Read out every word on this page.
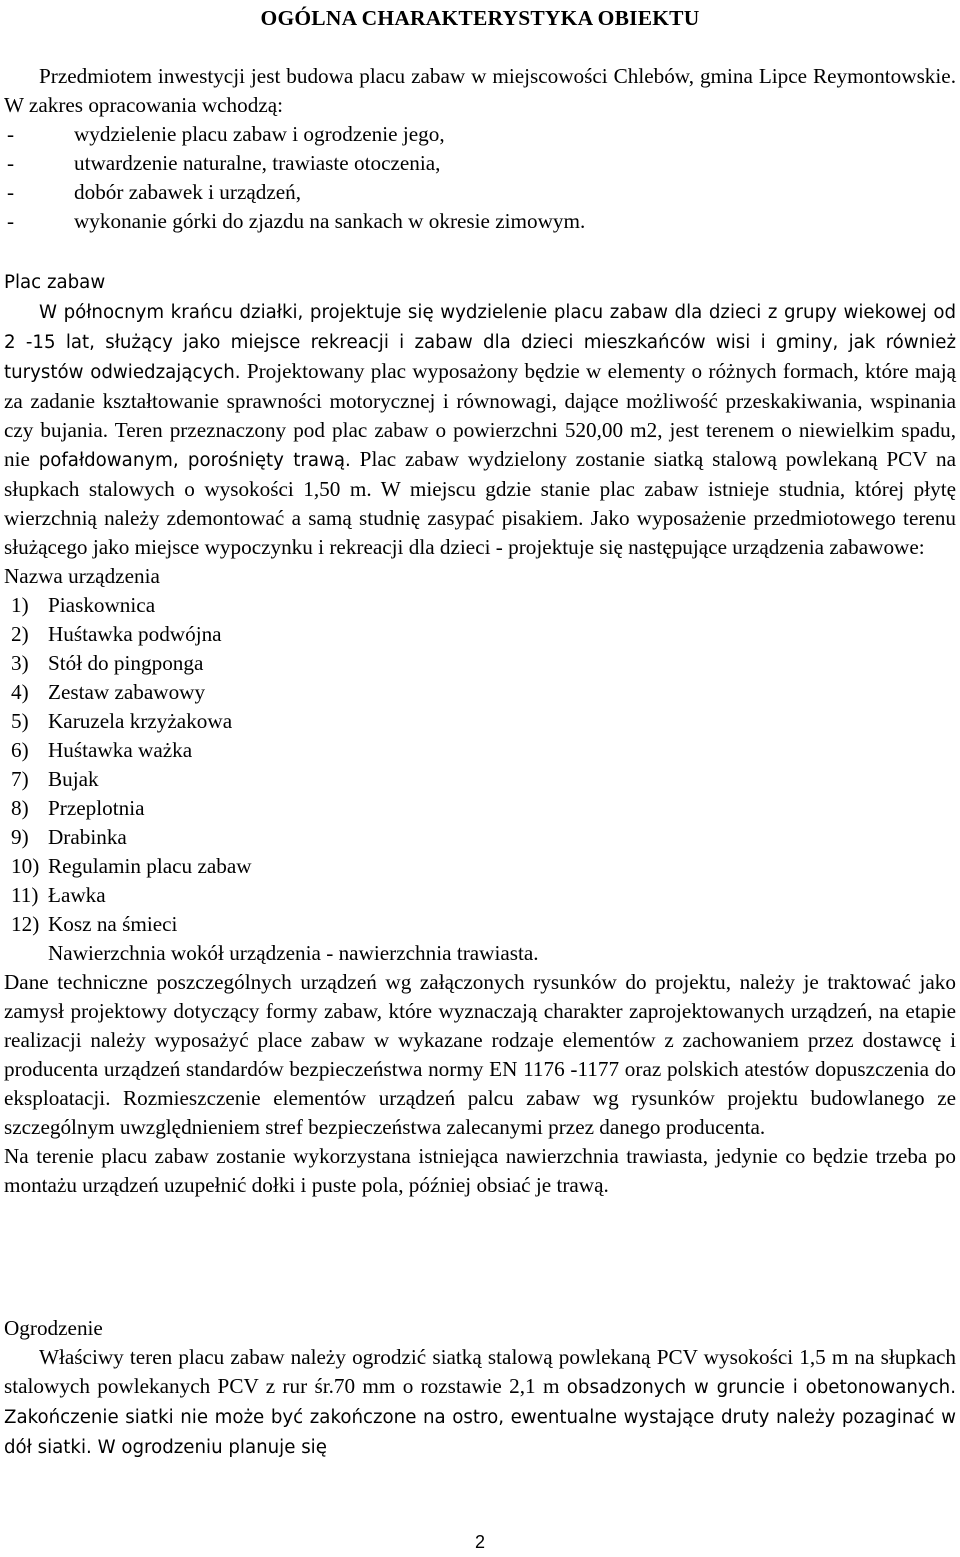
OGÓLNA CHARAKTERYSTYKA OBIEKTU

Przedmiotem inwestycji jest budowa placu zabaw w miejscowości Chlebów, gmina Lipce Reymontowskie. W zakres opracowania wchodzą:

-	wydzielenie placu zabaw i ogrodzenie jego,
-	utwardzenie naturalne, trawiaste otoczenia,
-	dobór zabawek i urządzeń,
-	wykonanie górki do zjazdu na sankach w okresie zimowym.
Plac zabaw

W północnym krańcu działki, projektuje się wydzielenie placu zabaw dla dzieci z grupy wiekowej od 2 -15 lat, służący jako miejsce rekreacji i zabaw dla dzieci mieszkańców wisi i gminy, jak również turystów odwiedzających. Projektowany plac wyposażony będzie w elementy o różnych formach, które mają za zadanie kształtowanie sprawności motorycznej i równowagi, dające możliwość przeskakiwania, wspinania czy bujania. Teren przeznaczony pod plac zabaw o powierzchni 520,00 m2, jest terenem o niewielkim spadu, nie pofałdowanym, porośnięty trawą. Plac zabaw wydzielony zostanie siatką stalową powlekaną PCV na słupkach stalowych o wysokości 1,50 m. W miejscu gdzie stanie plac zabaw istnieje studnia, której płytę wierzchnią należy zdemontować a samą studnię zasypać pisakiem. Jako wyposażenie przedmiotowego terenu służącego jako miejsce wypoczynku i rekreacji dla dzieci - projektuje się następujące urządzenia zabawowe:

Nazwa urządzenia
1) Piaskownica
2) Huśtawka podwójna
3) Stół do pingponga
4) Zestaw zabawowy
5) Karuzela krzyżakowa
6) Huśtawka ważka
7) Bujak
8) Przeplotnia
9) Drabinka
10) Regulamin placu zabaw
11) Ławka
12) Kosz na śmieci
Nawierzchnia wokół urządzenia - nawierzchnia trawiasta.

Dane techniczne poszczególnych urządzeń wg załączonych rysunków do projektu, należy je traktować jako zamysł projektowy dotyczący formy zabaw, które wyznaczają charakter zaprojektowanych urządzeń, na etapie realizacji należy wyposażyć place zabaw w wykazane rodzaje elementów z zachowaniem przez dostawcę i producenta urządzeń standardów bezpieczeństwa normy EN 1176 -1177 oraz polskich atestów dopuszczenia do eksploatacji. Rozmieszczenie elementów urządzeń palcu zabaw wg rysunków projektu budowlanego ze szczególnym uwzględnieniem stref bezpieczeństwa zalecanymi przez danego producenta.

Na terenie placu zabaw zostanie wykorzystana istniejąca nawierzchnia trawiasta, jedynie co będzie trzeba po montażu urządzeń uzupełnić dołki i puste pola, później obsiać je trawą.

Ogrodzenie

Właściwy teren placu zabaw należy ogrodzić siatką stalową powlekaną PCV wysokości 1,5 m na słupkach stalowych powlekanych PCV z rur śr.70 mm o rozstawie 2,1 m obsadzonych w gruncie i obetonowanych. Zakończenie siatki nie może być zakończone na ostro, ewentualne wystające druty należy pozaginać w dół siatki. W ogrodzeniu planuje się

2
